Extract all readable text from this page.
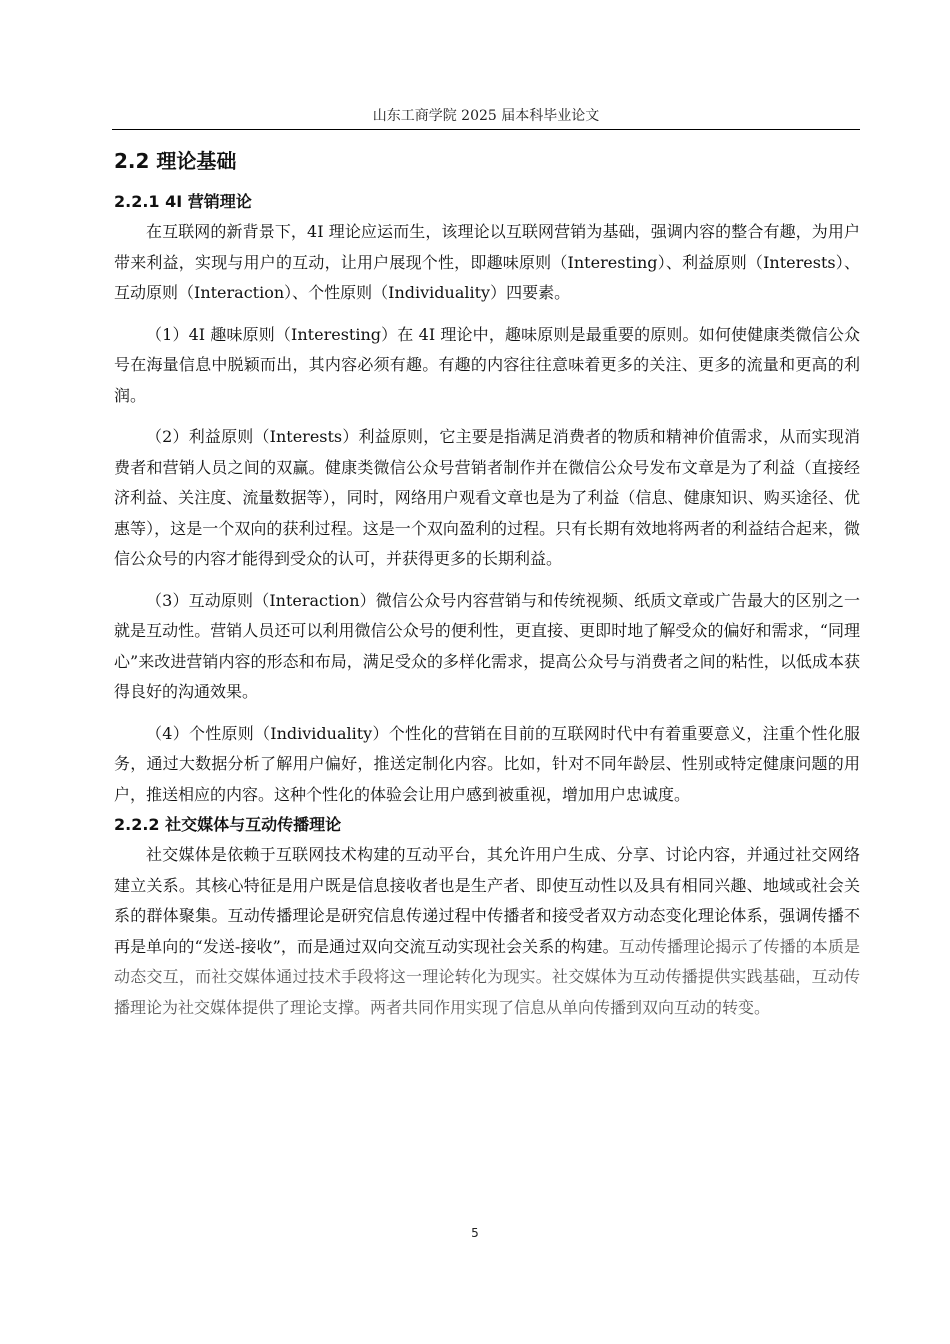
山东工商学院 2025 届本科毕业论文
2.2 理论基础
2.2.1 4I 营销理论

在互联网的新背景下，4I 理论应运而生，该理论以互联网营销为基础，强调内容的整合有趣，为用户带来利益，实现与用户的互动，让用户展现个性，即趣味原则（Interesting）、利益原则（Interests）、互动原则（Interaction）、个性原则（Individuality）四要素。

（1）4I 趣味原则（Interesting）在 4I 理论中，趣味原则是最重要的原则。如何使健康类微信公众号在海量信息中脱颖而出，其内容必须有趣。有趣的内容往往意味着更多的关注、更多的流量和更高的利润。

（2）利益原则（Interests）利益原则，它主要是指满足消费者的物质和精神价值需求，从而实现消费者和营销人员之间的双赢。健康类微信公众号营销者制作并在微信公众号发布文章是为了利益（直接经济利益、关注度、流量数据等），同时，网络用户观看文章也是为了利益（信息、健康知识、购买途径、优惠等），这是一个双向的获利过程。这是一个双向盈利的过程。只有长期有效地将两者的利益结合起来，微信公众号的内容才能得到受众的认可，并获得更多的长期利益。

（3）互动原则（Interaction）微信公众号内容营销与和传统视频、纸质文章或广告最大的区别之一就是互动性。营销人员还可以利用微信公众号的便利性，更直接、更即时地了解受众的偏好和需求，“同理心”来改进营销内容的形态和布局，满足受众的多样化需求，提高公众号与消费者之间的粘性，以低成本获得良好的沟通效果。

（4）个性原则（Individuality）个性化的营销在目前的互联网时代中有着重要意义，注重个性化服务，通过大数据分析了解用户偏好，推送定制化内容。比如，针对不同年龄层、性别或特定健康问题的用户，推送相应的内容。这种个性化的体验会让用户感到被重视，增加用户忠诚度。

2.2.2 社交媒体与互动传播理论

社交媒体是依赖于互联网技术构建的互动平台，其允许用户生成、分享、讨论内容，并通过社交网络建立关系。其核心特征是用户既是信息接收者也是生产者、即使互动性以及具有相同兴趣、地域或社会关系的群体聚集。互动传播理论是研究信息传递过程中传播者和接受者双方动态变化理论体系，强调传播不再是单向的“发送-接收”，而是通过双向交流互动实现社会关系的构建。互动传播理论揭示了传播的本质是动态交互，而社交媒体通过技术手段将这一理论转化为现实。社交媒体为互动传播提供实践基础，互动传播理论为社交媒体提供了理论支撑。两者共同作用实现了信息从单向传播到双向互动的转变。

5
